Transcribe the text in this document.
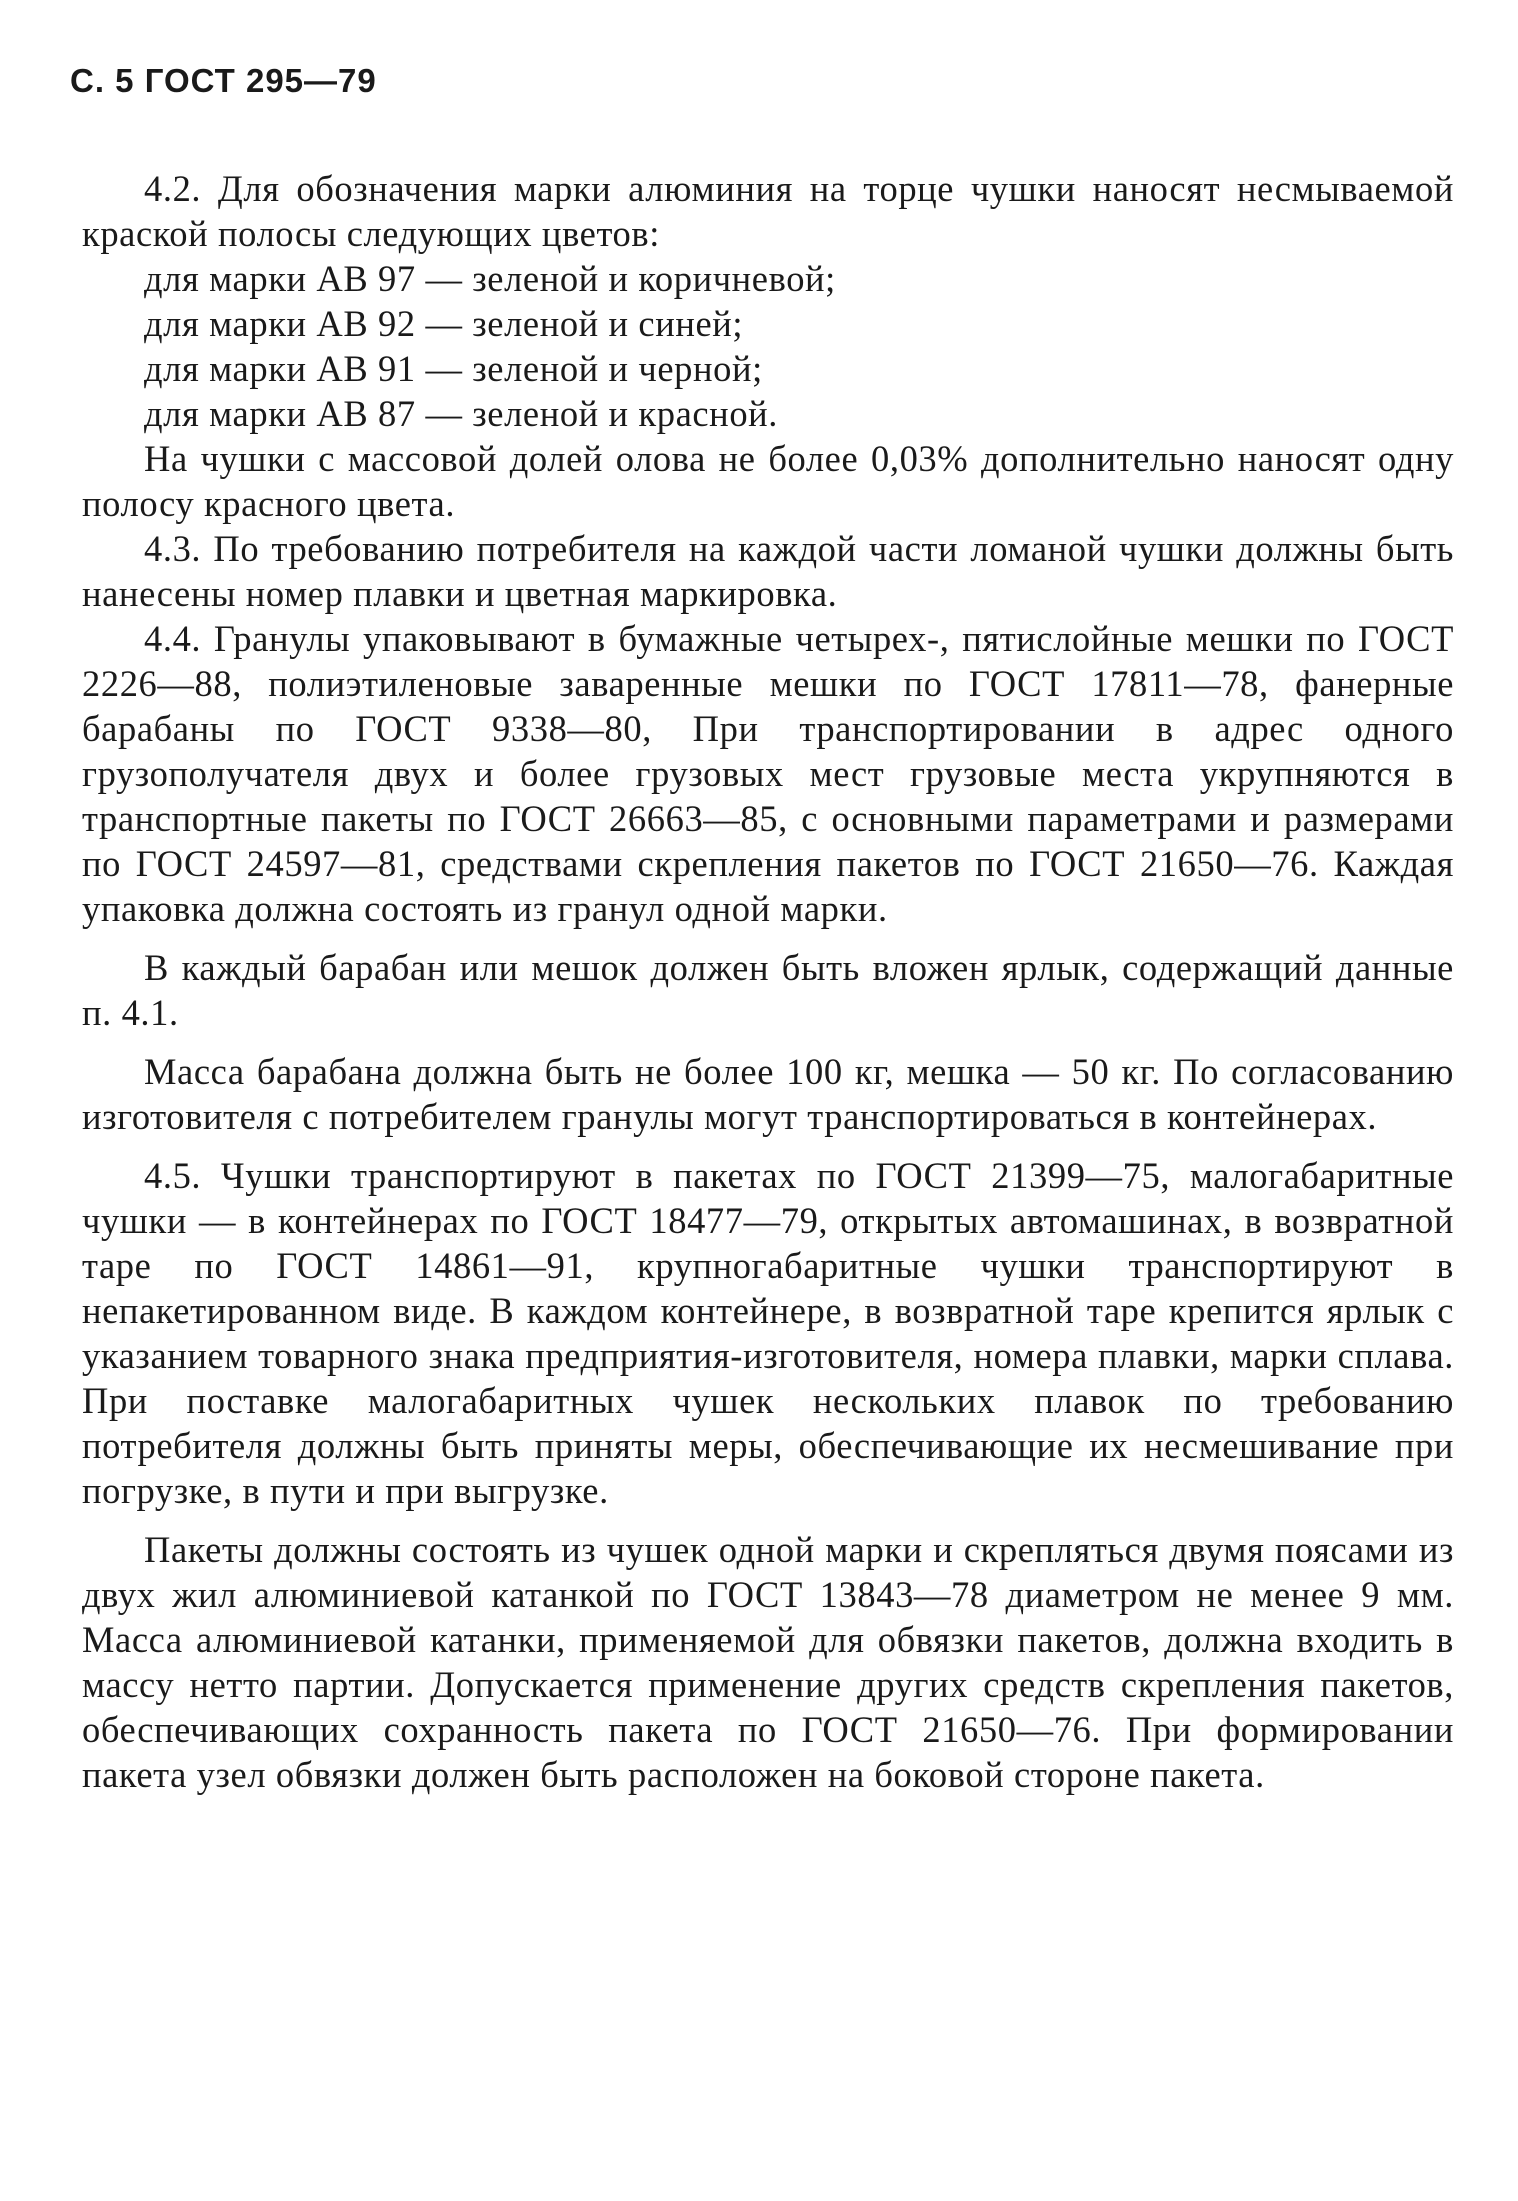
С. 5 ГОСТ 295—79

4.2. Для обозначения марки алюминия на торце чушки наносят несмываемой краской полосы следующих цветов:

для марки АВ 97 — зеленой и коричневой;

для марки АВ 92 — зеленой и синей;

для марки АВ 91 — зеленой и черной;

для марки АВ 87 — зеленой и красной.

На чушки с массовой долей олова не более 0,03% дополнительно наносят одну полосу красного цвета.

4.3. По требованию потребителя на каждой части ломаной чушки должны быть нанесены номер плавки и цветная маркировка.

4.4. Гранулы упаковывают в бумажные четырех-, пятислойные мешки по ГОСТ 2226—88, полиэтиленовые заваренные мешки по ГОСТ 17811—78, фанерные барабаны по ГОСТ 9338—80, При транспортировании в адрес одного грузополучателя двух и более грузовых мест грузовые места укрупняются в транспортные пакеты по ГОСТ 26663—85, с основными параметрами и размерами по ГОСТ 24597—81, средствами скрепления пакетов по ГОСТ 21650—76. Каждая упаковка должна состоять из гранул одной марки.

В каждый барабан или мешок должен быть вложен ярлык, содержащий данные п. 4.1.

Масса барабана должна быть не более 100 кг, мешка — 50 кг. По согласованию изготовителя с потребителем гранулы могут транспортироваться в контейнерах.

4.5. Чушки транспортируют в пакетах по ГОСТ 21399—75, малогабаритные чушки — в контейнерах по ГОСТ 18477—79, открытых автомашинах, в возвратной таре по ГОСТ 14861—91, крупногабаритные чушки транспортируют в непакетированном виде. В каждом контейнере, в возвратной таре крепится ярлык с указанием товарного знака предприятия-изготовителя, номера плавки, марки сплава. При поставке малогабаритных чушек нескольких плавок по требованию потребителя должны быть приняты меры, обеспечивающие их несмешивание при погрузке, в пути и при выгрузке.

Пакеты должны состоять из чушек одной марки и скрепляться двумя поясами из двух жил алюминиевой катанкой по ГОСТ 13843—78 диаметром не менее 9 мм. Масса алюминиевой катанки, применяемой для обвязки пакетов, должна входить в массу нетто партии. Допускается применение других средств скрепления пакетов, обеспечивающих сохранность пакета по ГОСТ 21650—76. При формировании пакета узел обвязки должен быть расположен на боковой стороне пакета.
